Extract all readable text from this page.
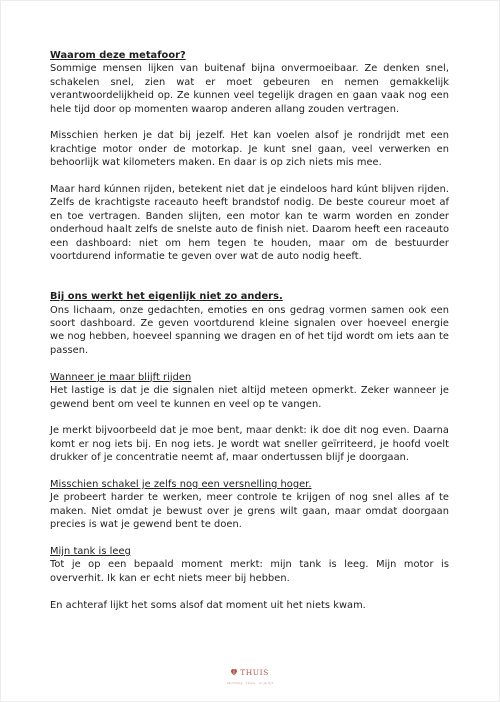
Waarom deze metafoor?

Sommige mensen lijken van buitenaf bijna onvermoeibaar. Ze denken snel, schakelen snel, zien wat er moet gebeuren en nemen gemakkelijk verantwoordelijkheid op. Ze kunnen veel tegelijk dragen en gaan vaak nog een hele tijd door op momenten waarop anderen allang zouden vertragen.

Misschien herken je dat bij jezelf. Het kan voelen alsof je rondrijdt met een krachtige motor onder de motorkap. Je kunt snel gaan, veel verwerken en behoorlijk wat kilometers maken. En daar is op zich niets mis mee.

Maar hard kúnnen rijden, betekent niet dat je eindeloos hard kúnt blijven rijden. Zelfs de krachtigste raceauto heeft brandstof nodig. De beste coureur moet af en toe vertragen. Banden slijten, een motor kan te warm worden en zonder onderhoud haalt zelfs de snelste auto de finish niet. Daarom heeft een raceauto een dashboard: niet om hem tegen te houden, maar om de bestuurder voortdurend informatie te geven over wat de auto nodig heeft.

Bij ons werkt het eigenlijk niet zo anders.

Ons lichaam, onze gedachten, emoties en ons gedrag vormen samen ook een soort dashboard. Ze geven voortdurend kleine signalen over hoeveel energie we nog hebben, hoeveel spanning we dragen en of het tijd wordt om iets aan te passen.

Wanneer je maar blijft rijden

Het lastige is dat je die signalen niet altijd meteen opmerkt. Zeker wanneer je gewend bent om veel te kunnen en veel op te vangen.

Je merkt bijvoorbeeld dat je moe bent, maar denkt: ik doe dit nog even. Daarna komt er nog iets bij. En nog iets. Je wordt wat sneller geïrriteerd, je hoofd voelt drukker of je concentratie neemt af, maar ondertussen blijf je doorgaan.

Misschien schakel je zelfs nog een versnelling hoger.

Je probeert harder te werken, meer controle te krijgen of nog snel alles af te maken. Niet omdat je bewust over je grens wilt gaan, maar omdat doorgaan precies is wat je gewend bent te doen.

Mijn tank is leeg

Tot je op een bepaald moment merkt: mijn tank is leeg. Mijn motor is oververhit. Ik kan er echt niets meer bij hebben.

En achteraf lijkt het soms alsof dat moment uit het niets kwam.

THUIS
stichting · thuis · in je lijf
